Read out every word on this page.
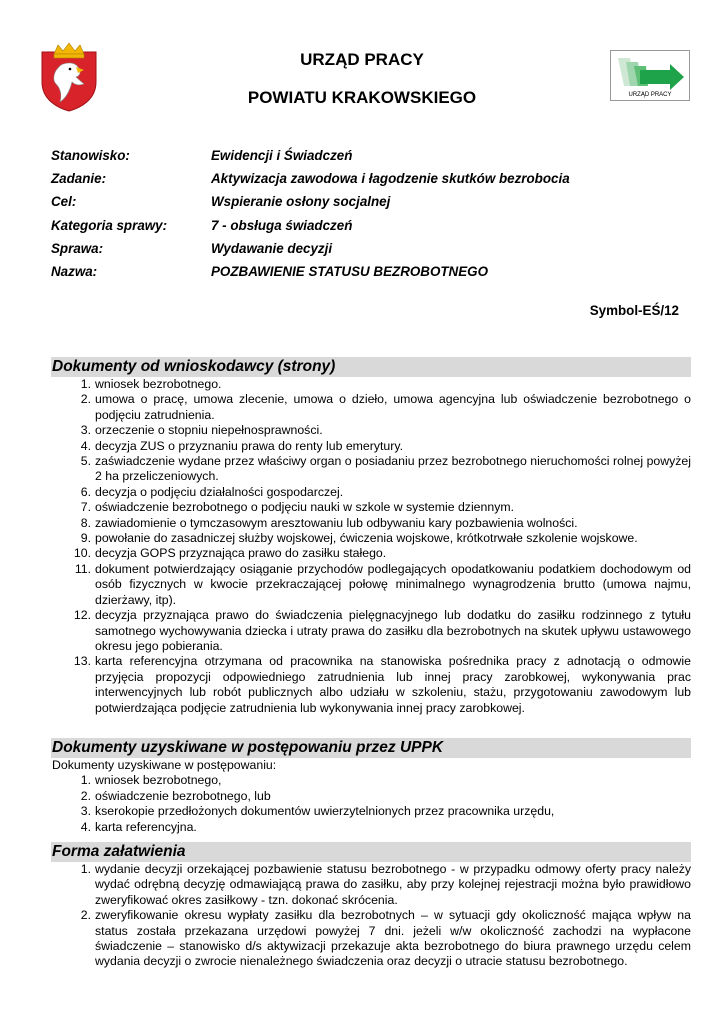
URZĄD PRACY
URZĄD PRACY
POWIATU KRAKOWSKIEGO
Stanowisko:	Ewidencji i Świadczeń
Zadanie:	Aktywizacja zawodowa i łagodzenie skutków bezrobocia
Cel:	Wspieranie osłony socjalnej
Kategoria sprawy:	7 - obsługa świadczeń
Sprawa:	Wydawanie decyzji
Nazwa:	POZBAWIENIE STATUSU BEZROBOTNEGO
Symbol-EŚ/12
Dokumenty od wnioskodawcy (strony)
1. wniosek bezrobotnego.
2. umowa o pracę, umowa zlecenie, umowa o dzieło, umowa agencyjna lub oświadczenie bezrobotnego o podjęciu zatrudnienia.
3. orzeczenie o stopniu niepełnosprawności.
4. decyzja ZUS o przyznaniu prawa do renty lub emerytury.
5. zaświadczenie wydane przez właściwy organ o posiadaniu przez bezrobotnego nieruchomości rolnej powyżej 2 ha przeliczeniowych.
6. decyzja o podjęciu działalności gospodarczej.
7. oświadczenie bezrobotnego o podjęciu nauki w szkole w systemie dziennym.
8. zawiadomienie o tymczasowym aresztowaniu lub odbywaniu kary pozbawienia wolności.
9. powołanie do zasadniczej służby wojskowej, ćwiczenia wojskowe, krótkotrwałe szkolenie wojskowe.
10. decyzja GOPS przyznająca prawo do zasiłku stałego.
11. dokument potwierdzający osiąganie przychodów podlegających opodatkowaniu podatkiem dochodowym od osób fizycznych w kwocie przekraczającej połowę minimalnego wynagrodzenia brutto (umowa najmu, dzierżawy, itp).
12. decyzja przyznająca prawo do świadczenia pielęgnacyjnego lub dodatku do zasiłku rodzinnego z tytułu samotnego wychowywania dziecka i utraty prawa do zasiłku dla bezrobotnych na skutek upływu ustawowego okresu jego pobierania.
13. karta referencyjna otrzymana od pracownika na stanowiska pośrednika pracy z adnotacją o odmowie przyjęcia propozycji odpowiedniego zatrudnienia lub innej pracy zarobkowej, wykonywania prac interwencyjnych lub robót publicznych albo udziału w szkoleniu, stażu, przygotowaniu zawodowym lub potwierdzająca podjęcie zatrudnienia lub wykonywania innej pracy zarobkowej.
Dokumenty uzyskiwane w postępowaniu przez UPPK
Dokumenty uzyskiwane w postępowaniu:
1. wniosek bezrobotnego,
2. oświadczenie bezrobotnego, lub
3. kserokopie przedłożonych dokumentów uwierzytelnionych przez pracownika urzędu,
4. karta referencyjna.
Forma załatwienia
1. wydanie decyzji orzekającej pozbawienie statusu bezrobotnego - w przypadku odmowy oferty pracy należy wydać odrębną decyzję odmawiającą prawa do zasiłku, aby przy kolejnej rejestracji można było prawidłowo zweryfikować okres zasiłkowy - tzn. dokonać skrócenia.
2. zweryfikowanie okresu wypłaty zasiłku dla bezrobotnych – w sytuacji gdy okoliczność mająca wpływ na status została przekazana urzędowi powyżej 7 dni. jeżeli w/w okoliczność zachodzi na wypłacone świadczenie – stanowisko d/s aktywizacji przekazuje akta bezrobotnego do biura prawnego urzędu celem wydania decyzji o zwrocie nienależnego świadczenia oraz decyzji o utracie statusu bezrobotnego.
